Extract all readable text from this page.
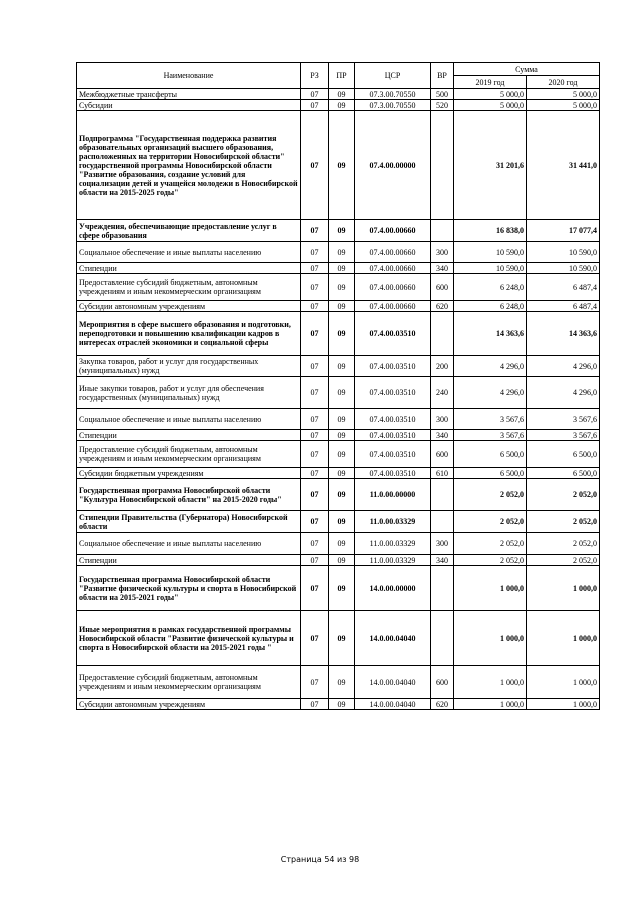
Наименование	РЗ	ПР	ЦСР	ВР	Сумма	
					2019 год	2020 год
Межбюджетные трансферты	07	09	07.3.00.70550	500	5 000,0	5 000,0
Субсидии	07	09	07.3.00.70550	520	5 000,0	5 000,0
Подпрограмма "Государственная поддержка развития образовательных организаций высшего образования, расположенных на территории Новосибирской области" государственной программы Новосибирской области "Развитие образования, создание условий для социализации детей и учащейся молодежи в Новосибирской области на 2015-2025 годы"	07	09	07.4.00.00000		31 201,6	31 441,0
Учреждения, обеспечивающие предоставление услуг в сфере образования	07	09	07.4.00.00660		16 838,0	17 077,4
Социальное обеспечение и иные выплаты населению	07	09	07.4.00.00660	300	10 590,0	10 590,0
Стипендии	07	09	07.4.00.00660	340	10 590,0	10 590,0
Предоставление субсидий бюджетным, автономным учреждениям и иным некоммерческим организациям	07	09	07.4.00.00660	600	6 248,0	6 487,4
Субсидии автономным учреждениям	07	09	07.4.00.00660	620	6 248,0	6 487,4
Мероприятия в сфере высшего образования и подготовки, переподготовки и повышению квалификации кадров в интересах отраслей экономики и социальной сферы	07	09	07.4.00.03510		14 363,6	14 363,6
Закупка товаров, работ и услуг для государственных (муниципальных) нужд	07	09	07.4.00.03510	200	4 296,0	4 296,0
Иные закупки товаров, работ и услуг для обеспечения государственных (муниципальных) нужд	07	09	07.4.00.03510	240	4 296,0	4 296,0
Социальное обеспечение и иные выплаты населению	07	09	07.4.00.03510	300	3 567,6	3 567,6
Стипендии	07	09	07.4.00.03510	340	3 567,6	3 567,6
Предоставление субсидий бюджетным, автономным учреждениям и иным некоммерческим организациям	07	09	07.4.00.03510	600	6 500,0	6 500,0
Субсидии бюджетным учреждениям	07	09	07.4.00.03510	610	6 500,0	6 500,0
Государственная программа Новосибирской области "Культура Новосибирской области" на 2015-2020 годы"	07	09	11.0.00.00000		2 052,0	2 052,0
Стипендии Правительства (Губернатора) Новосибирской области	07	09	11.0.00.03329		2 052,0	2 052,0
Социальное обеспечение и иные выплаты населению	07	09	11.0.00.03329	300	2 052,0	2 052,0
Стипендии	07	09	11.0.00.03329	340	2 052,0	2 052,0
Государственная программа Новосибирской области "Развитие физической культуры и спорта в Новосибирской области на 2015-2021 годы"	07	09	14.0.00.00000		1 000,0	1 000,0
Иные мероприятия в рамках государственной программы Новосибирской области "Развитие физической культуры и спорта в Новосибирской области на 2015-2021 годы "	07	09	14.0.00.04040		1 000,0	1 000,0
Предоставление субсидий бюджетным, автономным учреждениям и иным некоммерческим организациям	07	09	14.0.00.04040	600	1 000,0	1 000,0
Субсидии автономным учреждениям	07	09	14.0.00.04040	620	1 000,0	1 000,0
Страница 54 из 98
